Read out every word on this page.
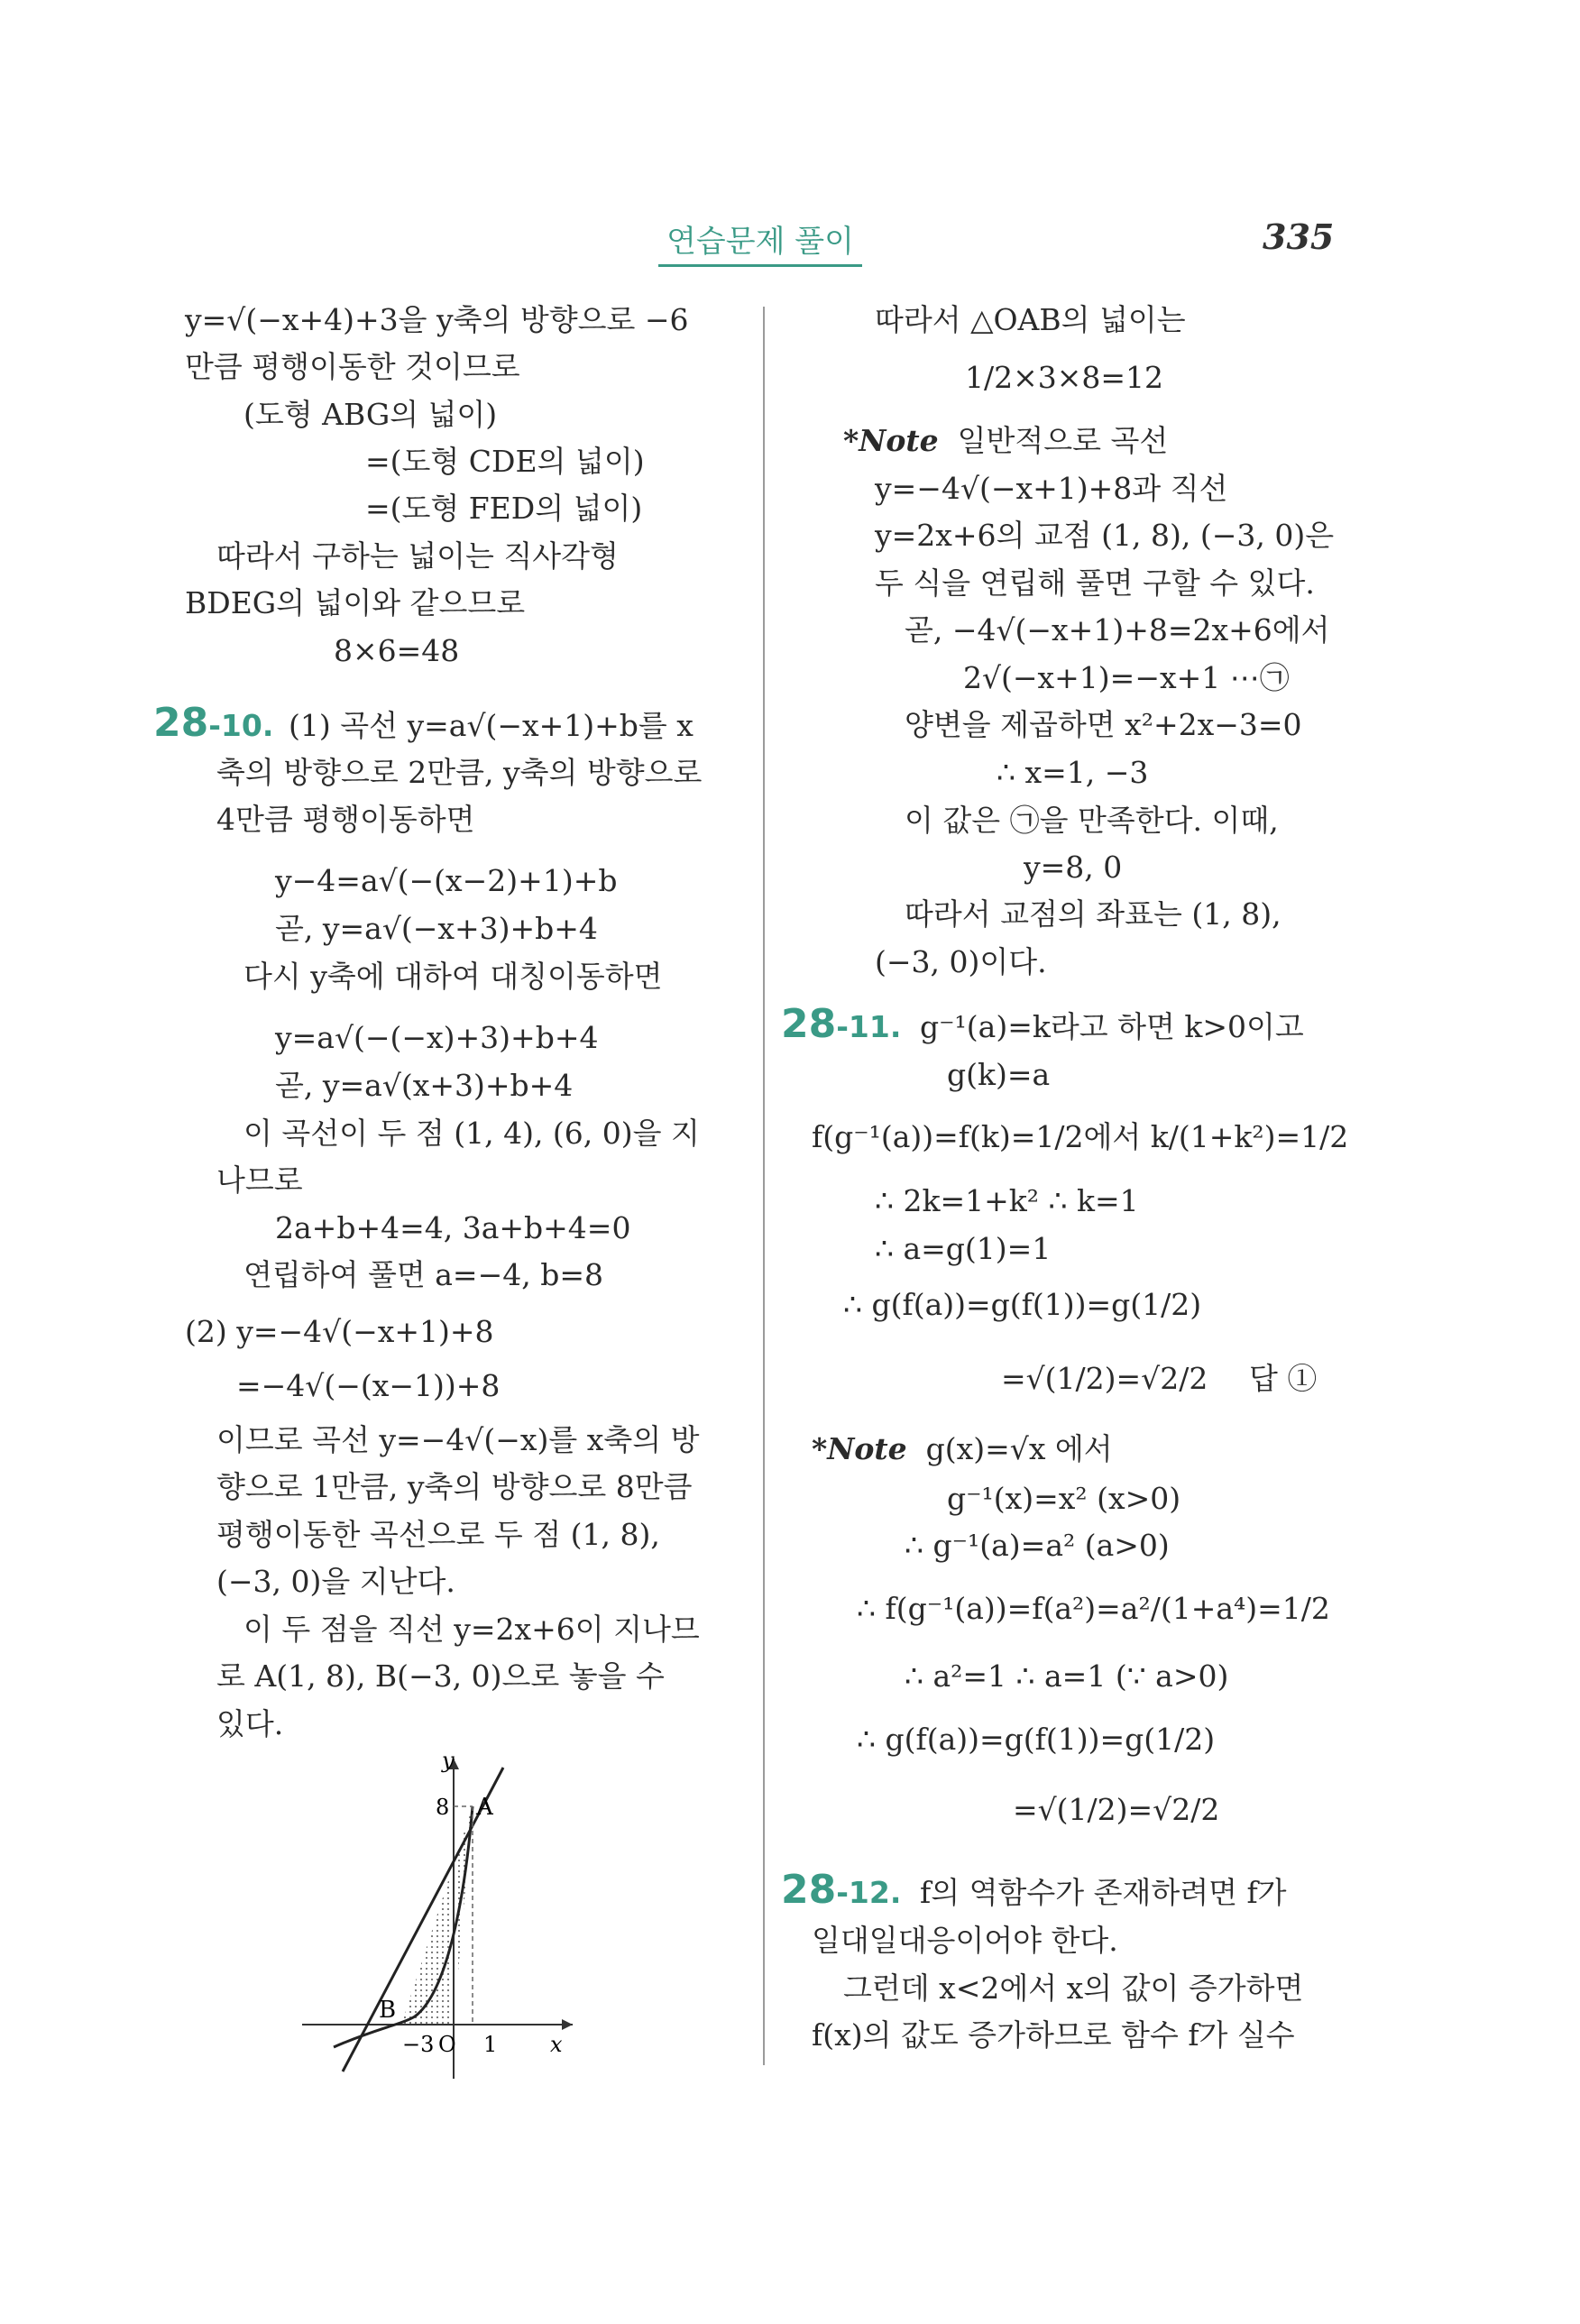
연습문제 풀이	335
y=√(−x+4)+3을 y축의 방향으로 −6
만큼 평행이동한 것이므로
(도형 ABG의 넓이)
=(도형 CDE의 넓이)
=(도형 FED의 넓이)
따라서 구하는 넓이는 직사각형
BDEG의 넓이와 같으므로
8×6=48
28-10. (1) 곡선 y=a√(−x+1)+b를 x
축의 방향으로 2만큼, y축의 방향으로
4만큼 평행이동하면
y−4=a√(−(x−2)+1)+b
곧, y=a√(−x+3)+b+4
다시 y축에 대하여 대칭이동하면
y=a√(−(−x)+3)+b+4
곧, y=a√(x+3)+b+4
이 곡선이 두 점 (1, 4), (6, 0)을 지
나므로
2a+b+4=4, 3a+b+4=0
연립하여 풀면 a=−4, b=8
(2) y=−4√(−x+1)+8
=−4√(−(x−1))+8
이므로 곡선 y=−4√(−x)를 x축의 방
향으로 1만큼, y축의 방향으로 8만큼
평행이동한 곡선으로 두 점 (1, 8),
(−3, 0)을 지난다.
이 두 점을 직선 y=2x+6이 지나므
로 A(1, 8), B(−3, 0)으로 놓을 수
있다.
y
x
8 A
B
−3 O 1
따라서 △OAB의 넓이는
1/2×3×8=12
*Note 일반적으로 곡선
y=−4√(−x+1)+8과 직선
y=2x+6의 교점 (1, 8), (−3, 0)은
두 식을 연립해 풀면 구할 수 있다.
곧, −4√(−x+1)+8=2x+6에서
2√(−x+1)=−x+1 ⋯㉠
양변을 제곱하면 x²+2x−3=0
∴ x=1, −3
이 값은 ㉠을 만족한다. 이때,
y=8, 0
따라서 교점의 좌표는 (1, 8),
(−3, 0)이다.
28-11. g⁻¹(a)=k라고 하면 k>0이고
g(k)=a
f(g⁻¹(a))=f(k)=1/2에서 k/(1+k²)=1/2
∴ 2k=1+k² ∴ k=1
∴ a=g(1)=1
∴ g(f(a))=g(f(1))=g(1/2)
=√(1/2)=√2/2 답 ①
*Note g(x)=√x 에서
g⁻¹(x)=x² (x>0)
∴ g⁻¹(a)=a² (a>0)
∴ f(g⁻¹(a))=f(a²)=a²/(1+a⁴)=1/2
∴ a²=1 ∴ a=1 (∵ a>0)
∴ g(f(a))=g(f(1))=g(1/2)
=√(1/2)=√2/2
28-12. f의 역함수가 존재하려면 f가
일대일대응이어야 한다.
그런데 x<2에서 x의 값이 증가하면
f(x)의 값도 증가하므로 함수 f가 실수
